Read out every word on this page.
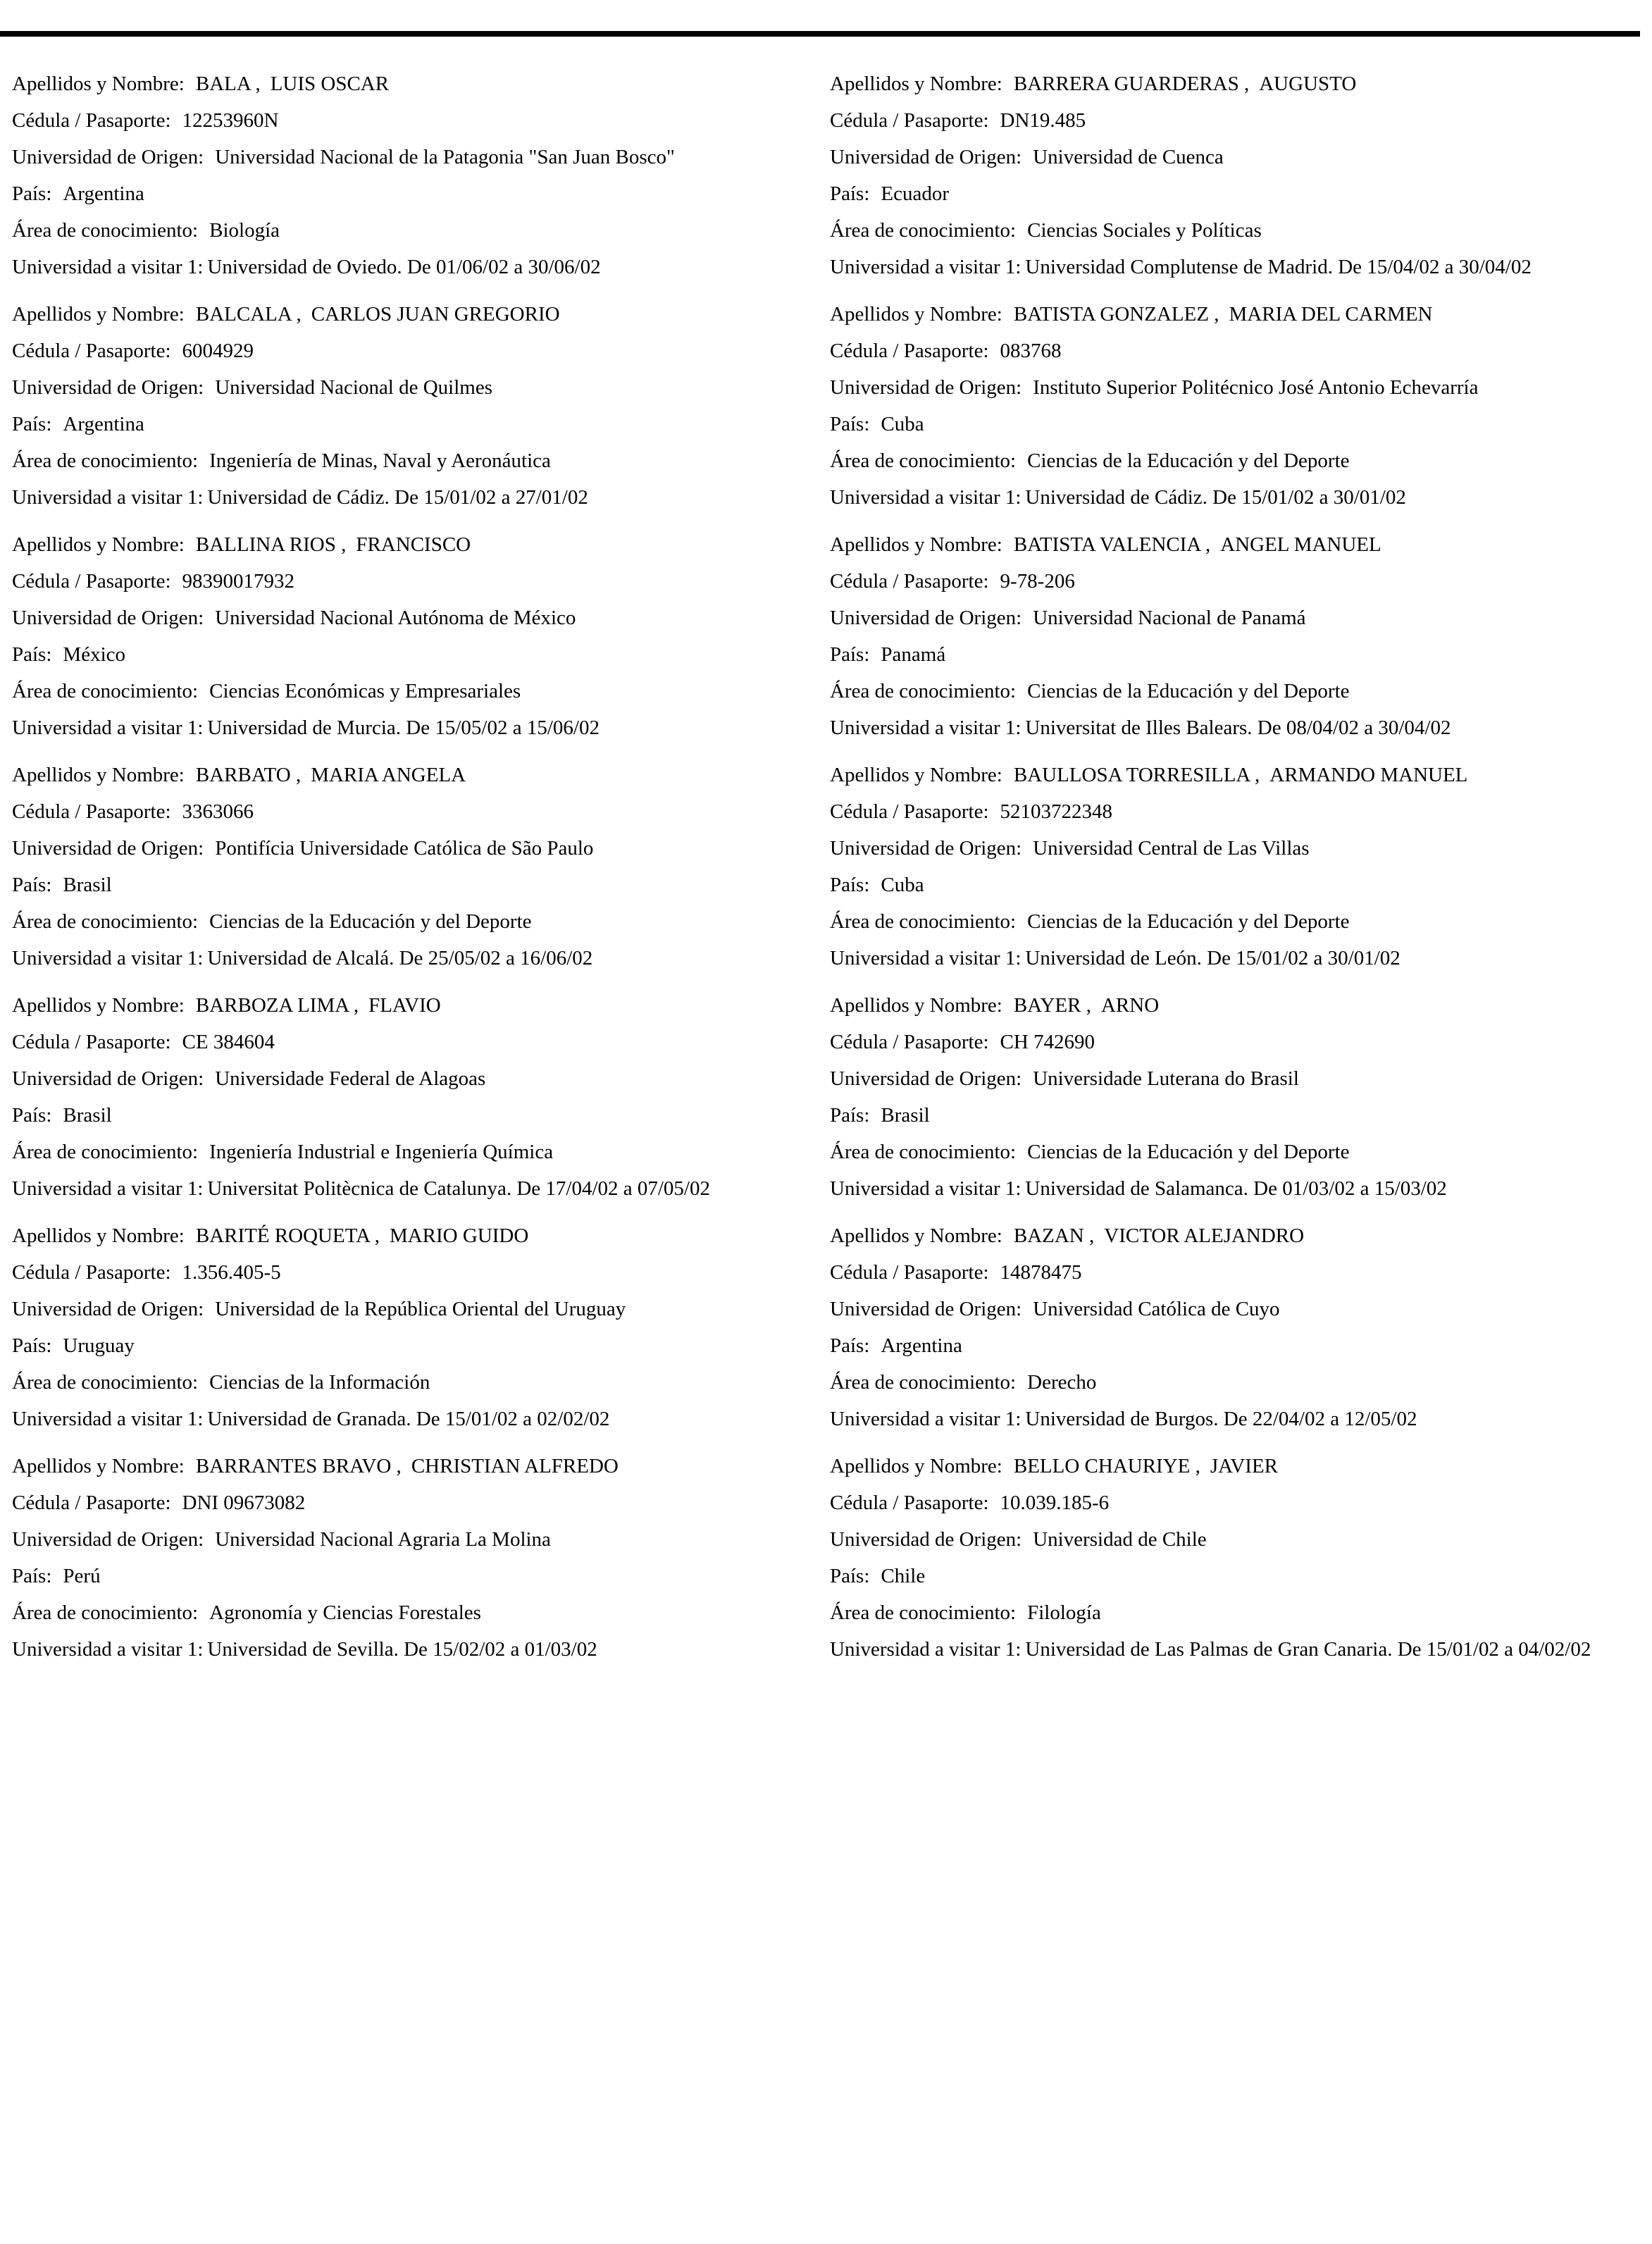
Apellidos y Nombre: BALA , LUIS OSCAR
Cédula / Pasaporte: 12253960N
Universidad de Origen: Universidad Nacional de la Patagonia "San Juan Bosco"
País: Argentina
Área de conocimiento: Biología
Universidad a visitar 1: Universidad de Oviedo. De 01/06/02 a 30/06/02
Apellidos y Nombre: BALCALA , CARLOS JUAN GREGORIO
Cédula / Pasaporte: 6004929
Universidad de Origen: Universidad Nacional de Quilmes
País: Argentina
Área de conocimiento: Ingeniería de Minas, Naval y Aeronáutica
Universidad a visitar 1: Universidad de Cádiz. De 15/01/02 a 27/01/02
Apellidos y Nombre: BALLINA RIOS , FRANCISCO
Cédula / Pasaporte: 98390017932
Universidad de Origen: Universidad Nacional Autónoma de México
País: México
Área de conocimiento: Ciencias Económicas y Empresariales
Universidad a visitar 1: Universidad de Murcia. De 15/05/02 a 15/06/02
Apellidos y Nombre: BARBATO , MARIA ANGELA
Cédula / Pasaporte: 3363066
Universidad de Origen: Pontifícia Universidade Católica de São Paulo
País: Brasil
Área de conocimiento: Ciencias de la Educación y del Deporte
Universidad a visitar 1: Universidad de Alcalá. De 25/05/02 a 16/06/02
Apellidos y Nombre: BARBOZA LIMA , FLAVIO
Cédula / Pasaporte: CE 384604
Universidad de Origen: Universidade Federal de Alagoas
País: Brasil
Área de conocimiento: Ingeniería Industrial e Ingeniería Química
Universidad a visitar 1: Universitat Politècnica de Catalunya. De 17/04/02 a 07/05/02
Apellidos y Nombre: BARITÉ ROQUETA , MARIO GUIDO
Cédula / Pasaporte: 1.356.405-5
Universidad de Origen: Universidad de la República Oriental del Uruguay
País: Uruguay
Área de conocimiento: Ciencias de la Información
Universidad a visitar 1: Universidad de Granada. De 15/01/02 a 02/02/02
Apellidos y Nombre: BARRANTES BRAVO , CHRISTIAN ALFREDO
Cédula / Pasaporte: DNI 09673082
Universidad de Origen: Universidad Nacional Agraria La Molina
País: Perú
Área de conocimiento: Agronomía y Ciencias Forestales
Universidad a visitar 1: Universidad de Sevilla. De 15/02/02 a 01/03/02
Apellidos y Nombre: BARRERA GUARDERAS , AUGUSTO
Cédula / Pasaporte: DN19.485
Universidad de Origen: Universidad de Cuenca
País: Ecuador
Área de conocimiento: Ciencias Sociales y Políticas
Universidad a visitar 1: Universidad Complutense de Madrid. De 15/04/02 a 30/04/02
Apellidos y Nombre: BATISTA GONZALEZ , MARIA DEL CARMEN
Cédula / Pasaporte: 083768
Universidad de Origen: Instituto Superior Politécnico José Antonio Echevarría
País: Cuba
Área de conocimiento: Ciencias de la Educación y del Deporte
Universidad a visitar 1: Universidad de Cádiz. De 15/01/02 a 30/01/02
Apellidos y Nombre: BATISTA VALENCIA , ANGEL MANUEL
Cédula / Pasaporte: 9-78-206
Universidad de Origen: Universidad Nacional de Panamá
País: Panamá
Área de conocimiento: Ciencias de la Educación y del Deporte
Universidad a visitar 1: Universitat de Illes Balears. De 08/04/02 a 30/04/02
Apellidos y Nombre: BAULLOSA TORRESILLA , ARMANDO MANUEL
Cédula / Pasaporte: 52103722348
Universidad de Origen: Universidad Central de Las Villas
País: Cuba
Área de conocimiento: Ciencias de la Educación y del Deporte
Universidad a visitar 1: Universidad de León. De 15/01/02 a 30/01/02
Apellidos y Nombre: BAYER , ARNO
Cédula / Pasaporte: CH 742690
Universidad de Origen: Universidade Luterana do Brasil
País: Brasil
Área de conocimiento: Ciencias de la Educación y del Deporte
Universidad a visitar 1: Universidad de Salamanca. De 01/03/02 a 15/03/02
Apellidos y Nombre: BAZAN , VICTOR ALEJANDRO
Cédula / Pasaporte: 14878475
Universidad de Origen: Universidad Católica de Cuyo
País: Argentina
Área de conocimiento: Derecho
Universidad a visitar 1: Universidad de Burgos. De 22/04/02 a 12/05/02
Apellidos y Nombre: BELLO CHAURIYE , JAVIER
Cédula / Pasaporte: 10.039.185-6
Universidad de Origen: Universidad de Chile
País: Chile
Área de conocimiento: Filología
Universidad a visitar 1: Universidad de Las Palmas de Gran Canaria. De 15/01/02 a 04/02/02
